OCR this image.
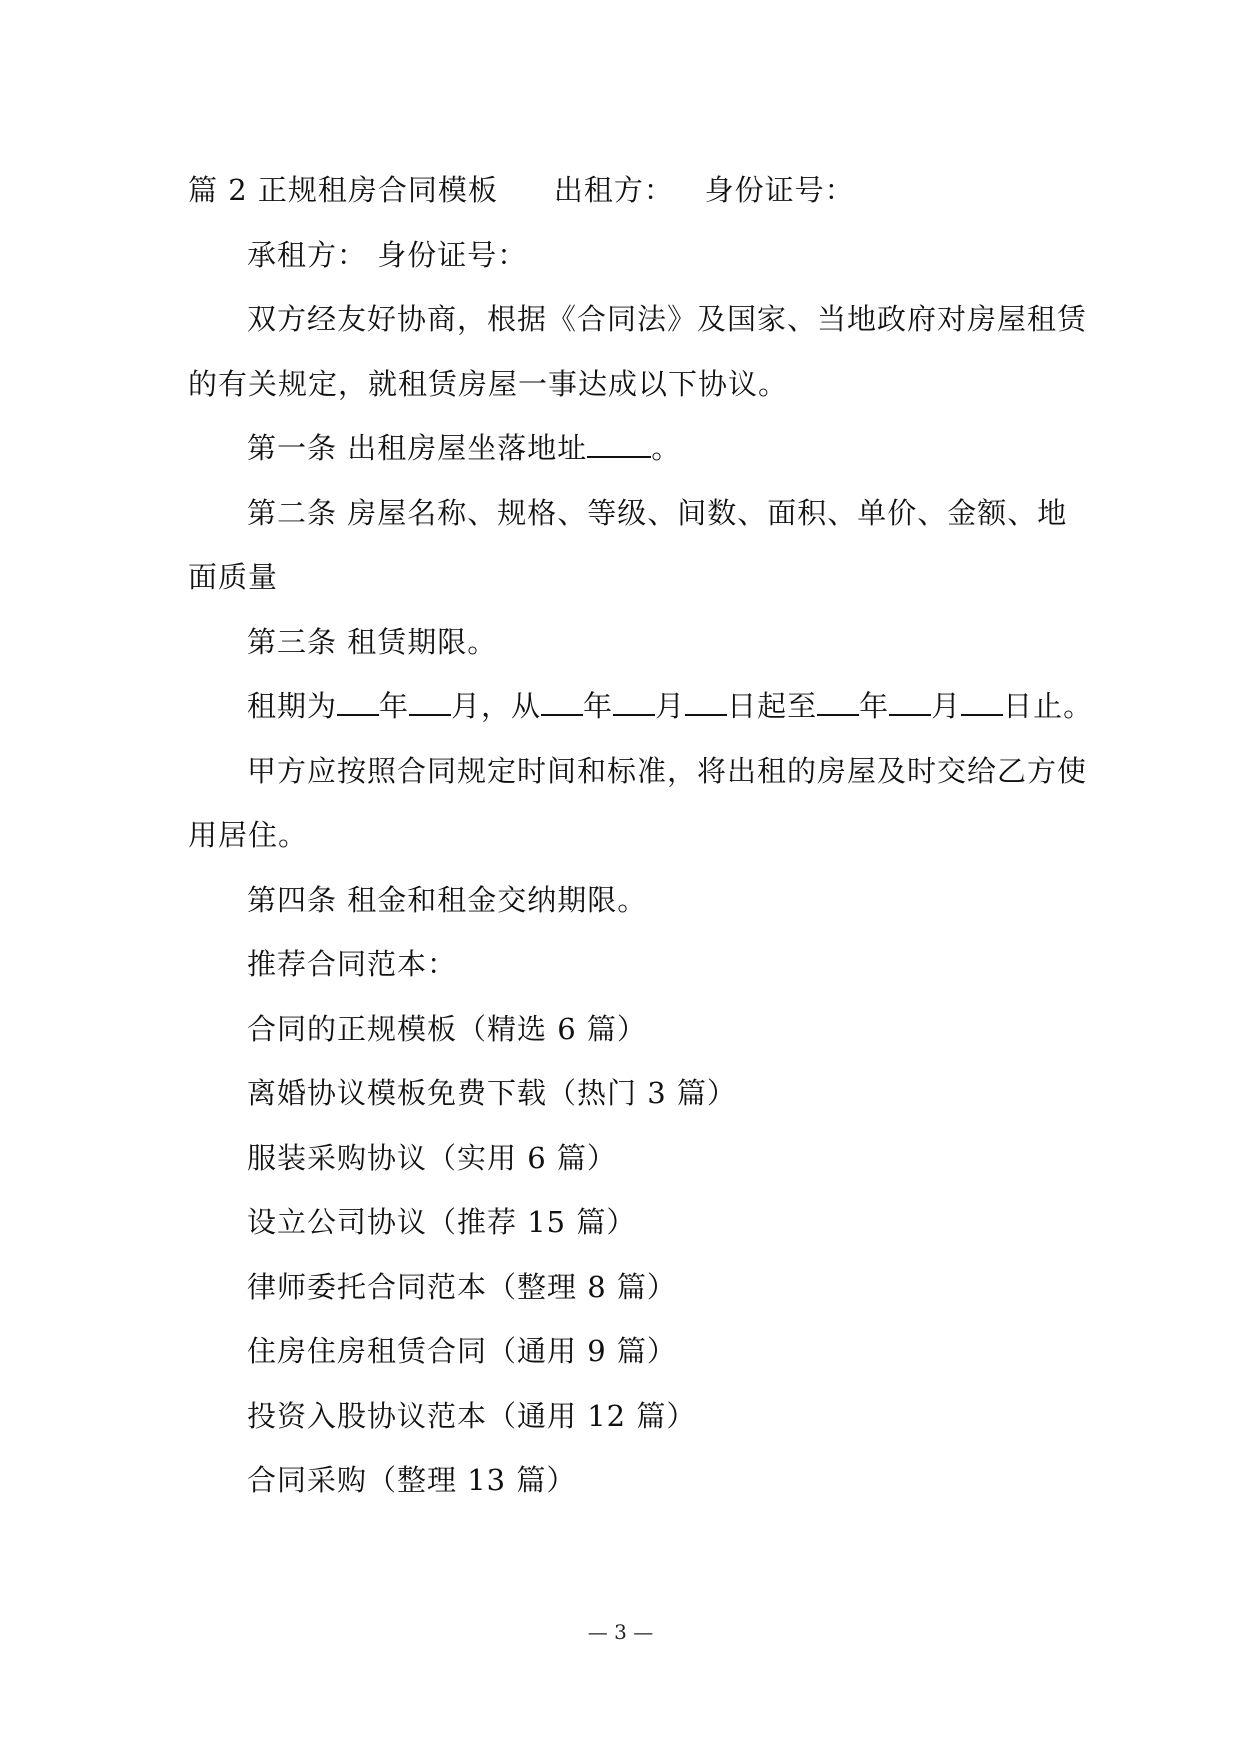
篇 2 正规租房合同模板 出租方： 身份证号：
承租方： 身份证号：
双方经友好协商，根据《合同法》及国家、当地政府对房屋租赁
的有关规定，就租赁房屋一事达成以下协议。
第一条 出租房屋坐落地址 。
第二条 房屋名称、规格、等级、间数、面积、单价、金额、地
面质量
第三条 租赁期限。
租期为 年 月，从 年 月 日起至 年 月 日止。
甲方应按照合同规定时间和标准，将出租的房屋及时交给乙方使
用居住。
第四条 租金和租金交纳期限。
推荐合同范本：
合同的正规模板（精选 6 篇）
离婚协议模板免费下载（热门 3 篇）
服装采购协议（实用 6 篇）
设立公司协议（推荐 15 篇）
律师委托合同范本（整理 8 篇）
住房住房租赁合同（通用 9 篇）
投资入股协议范本（通用 12 篇）
合同采购（整理 13 篇）
— 3 —
